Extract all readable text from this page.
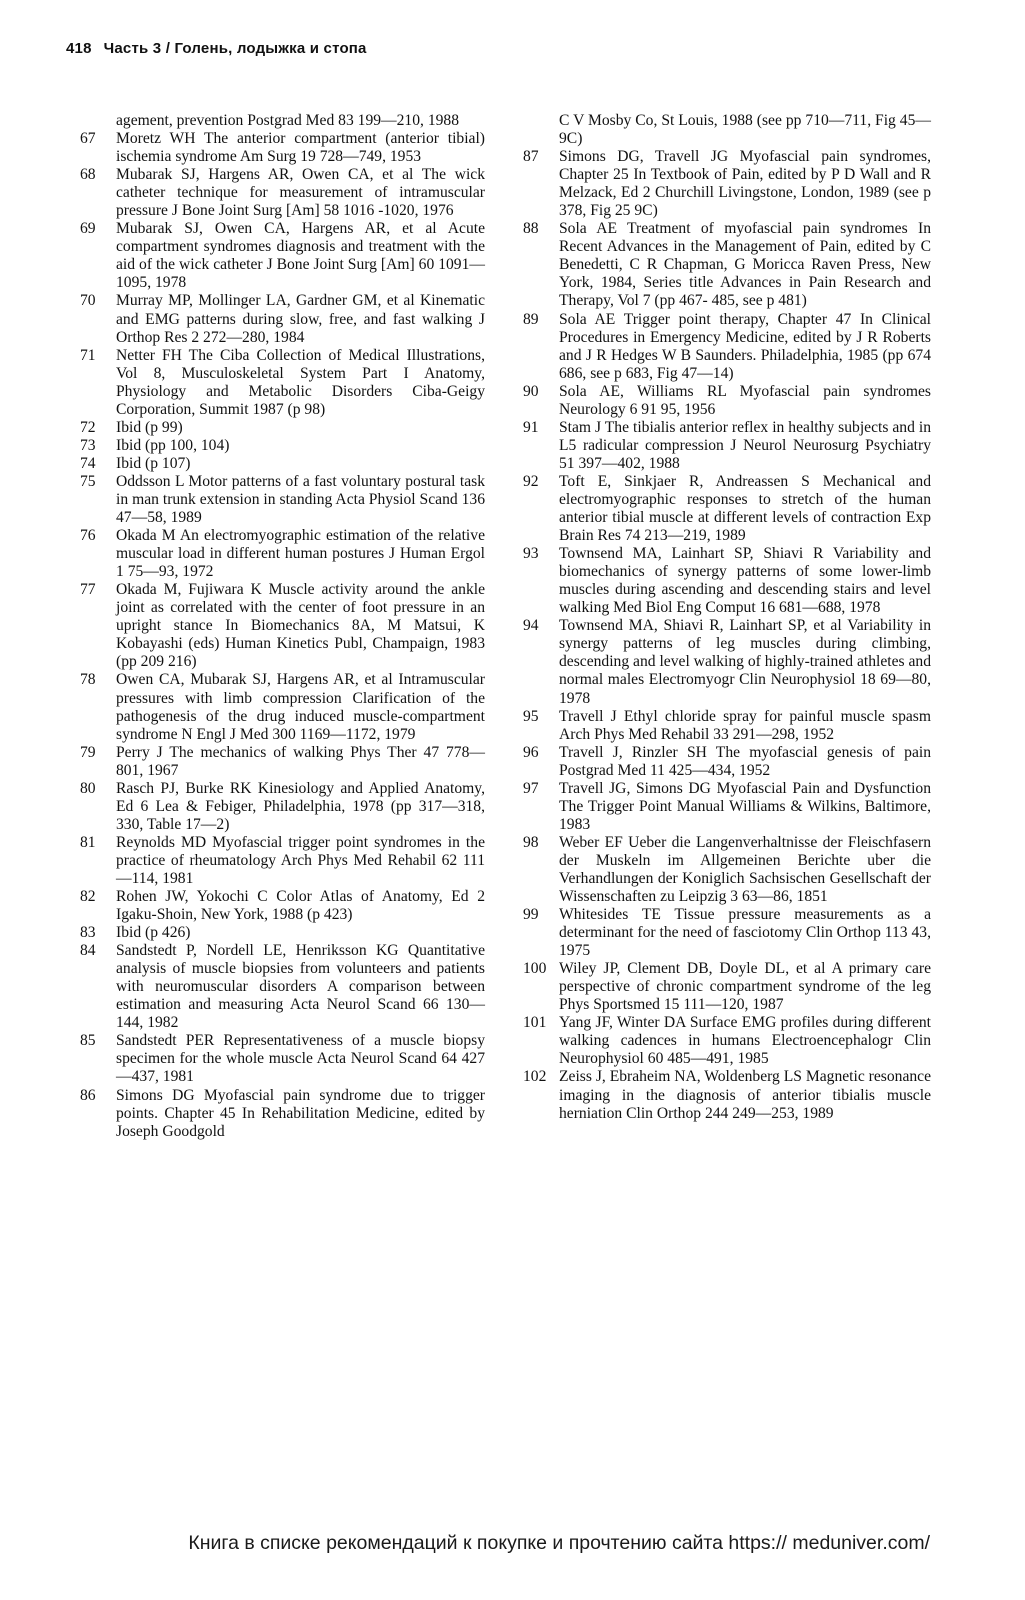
418 Часть 3 / Голень, лодыжка и стопа
agement, prevention Postgrad Med 83 199—210, 1988
67	Moretz WH The anterior compartment (anterior tibial) ischemia syndrome Am Surg 19 728—749, 1953
68	Mubarak SJ, Hargens AR, Owen CA, et al The wick catheter technique for measurement of intramuscular pressure J Bone Joint Surg [Am] 58 1016 -1020, 1976
69	Mubarak SJ, Owen CA, Hargens AR, et al Acute compartment syndromes diagnosis and treatment with the aid of the wick catheter J Bone Joint Surg [Am] 60 1091—1095, 1978
70	Murray MP, Mollinger LA, Gardner GM, et al Kinematic and EMG patterns during slow, free, and fast walking J Orthop Res 2 272—280, 1984
71	Netter FH The Ciba Collection of Medical Illustrations, Vol 8, Musculoskeletal System Part I Anatomy, Physiology and Metabolic Disorders Ciba-Geigy Corporation, Summit 1987 (p 98)
72	Ibid (p 99)
73	Ibid (pp 100, 104)
74	Ibid (p 107)
75	Oddsson L Motor patterns of a fast voluntary postural task in man trunk extension in standing Acta Physiol Scand 136 47—58, 1989
76	Okada M An electromyographic estimation of the relative muscular load in different human postures J Human Ergol 1 75—93, 1972
77	Okada M, Fujiwara K Muscle activity around the ankle joint as correlated with the center of foot pressure in an upright stance In Biomechanics 8A, M Matsui, K Kobayashi (eds) Human Kinetics Publ, Champaign, 1983 (pp 209 216)
78	Owen CA, Mubarak SJ, Hargens AR, et al Intramuscular pressures with limb compression Clarification of the pathogenesis of the drug induced muscle-compartment syndrome N Engl J Med 300 1169—1172, 1979
79	Perry J The mechanics of walking Phys Ther 47 778—801, 1967
80	Rasch PJ, Burke RK Kinesiology and Applied Anatomy, Ed 6 Lea & Febiger, Philadelphia, 1978 (pp 317—318, 330, Table 17—2)
81	Reynolds MD Myofascial trigger point syndromes in the practice of rheumatology Arch Phys Med Rehabil 62 111—114, 1981
82	Rohen JW, Yokochi C Color Atlas of Anatomy, Ed 2 Igaku-Shoin, New York, 1988 (p 423)
83	Ibid (p 426)
84	Sandstedt P, Nordell LE, Henriksson KG Quantitative analysis of muscle biopsies from volunteers and patients with neuromuscular disorders A comparison between estimation and measuring Acta Neurol Scand 66 130—144, 1982
85	Sandstedt PER Representativeness of a muscle biopsy specimen for the whole muscle Acta Neurol Scand 64 427—437, 1981
86	Simons DG Myofascial pain syndrome due to trigger points. Chapter 45 In Rehabilitation Medicine, edited by Joseph Goodgold
C V Mosby Co, St Louis, 1988 (see pp 710—711, Fig 45—9C)
87	Simons DG, Travell JG Myofascial pain syndromes, Chapter 25 In Textbook of Pain, edited by P D Wall and R Melzack, Ed 2 Churchill Livingstone, London, 1989 (see p 378, Fig 25 9C)
88	Sola AE Treatment of myofascial pain syndromes In Recent Advances in the Management of Pain, edited by C Benedetti, C R Chapman, G Moricca Raven Press, New York, 1984, Series title Advances in Pain Research and Therapy, Vol 7 (pp 467- 485, see p 481)
89	Sola AE Trigger point therapy, Chapter 47 In Clinical Procedures in Emergency Medicine, edited by J R Roberts and J R Hedges W B Saunders. Philadelphia, 1985 (pp 674 686, see p 683, Fig 47—14)
90	Sola AE, Williams RL Myofascial pain syndromes Neurology 6 91 95, 1956
91	Stam J The tibialis anterior reflex in healthy subjects and in L5 radicular compression J Neurol Neurosurg Psychiatry 51 397—402, 1988
92	Toft E, Sinkjaer R, Andreassen S Mechanical and electromyographic responses to stretch of the human anterior tibial muscle at different levels of contraction Exp Brain Res 74 213—219, 1989
93	Townsend MA, Lainhart SP, Shiavi R Variability and biomechanics of synergy patterns of some lower-limb muscles during ascending and descending stairs and level walking Med Biol Eng Comput 16 681—688, 1978
94	Townsend MA, Shiavi R, Lainhart SP, et al Variability in synergy patterns of leg muscles during climbing, descending and level walking of highly-trained athletes and normal males Electromyogr Clin Neurophysiol 18 69—80, 1978
95	Travell J Ethyl chloride spray for painful muscle spasm Arch Phys Med Rehabil 33 291—298, 1952
96	Travell J, Rinzler SH The myofascial genesis of pain Postgrad Med 11 425—434, 1952
97	Travell JG, Simons DG Myofascial Pain and Dysfunction The Trigger Point Manual Williams & Wilkins, Baltimore, 1983
98	Weber EF Ueber die Langenverhaltnisse der Fleischfasern der Muskeln im Allgemeinen Berichte uber die Verhandlungen der Koniglich Sachsischen Gesellschaft der Wissenschaften zu Leipzig 3 63—86, 1851
99	Whitesides TE Tissue pressure measurements as a determinant for the need of fasciotomy Clin Orthop 113 43, 1975
100 Wiley JP, Clement DB, Doyle DL, et al A primary care perspective of chronic compartment syndrome of the leg Phys Sportsmed 15 111—120, 1987
101 Yang JF, Winter DA Surface EMG profiles during different walking cadences in humans Electroencephalogr Clin Neurophysiol 60 485—491, 1985
102 Zeiss J, Ebraheim NA, Woldenberg LS Magnetic resonance imaging in the diagnosis of anterior tibialis muscle herniation Clin Orthop 244 249—253, 1989
Книга в списке рекомендаций к покупке и прочтению сайта https:// meduniver.com/
